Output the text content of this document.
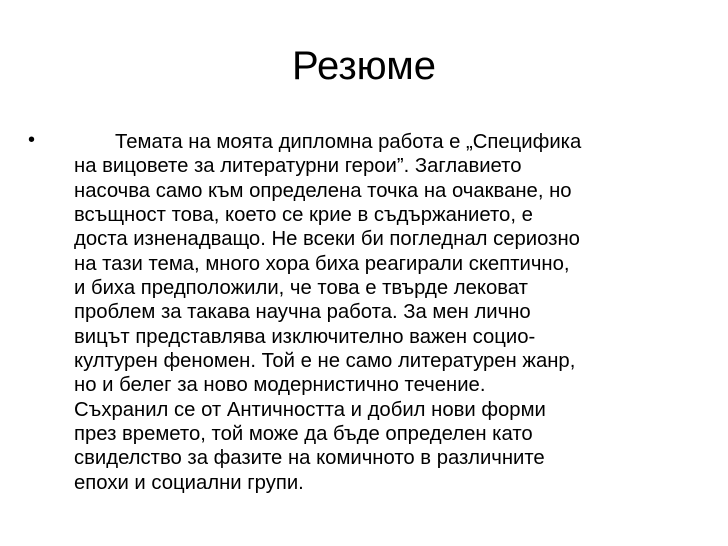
Резюме
•	Темата на моята дипломна работа е „Специфика
на вицовете за литературни герои”. Заглавието
насочва само към определена точка на очакване, но
всъщност това, което се крие в съдържанието, е
доста изненадващо. Не всеки би погледнал сериозно
на тази тема, много хора биха реагирали скептично,
и биха предположили, че това е твърде лековат
проблем за такава научна работа. За мен лично
вицът представлява изключително важен социо-
културен феномен. Той е не само литературен жанр,
но и белег за ново модернистично течение.
Съхранил се от Античността и добил нови форми
през времето, той може да бъде определен като
свиделство за фазите на комичното в различните
епохи и социални групи.
